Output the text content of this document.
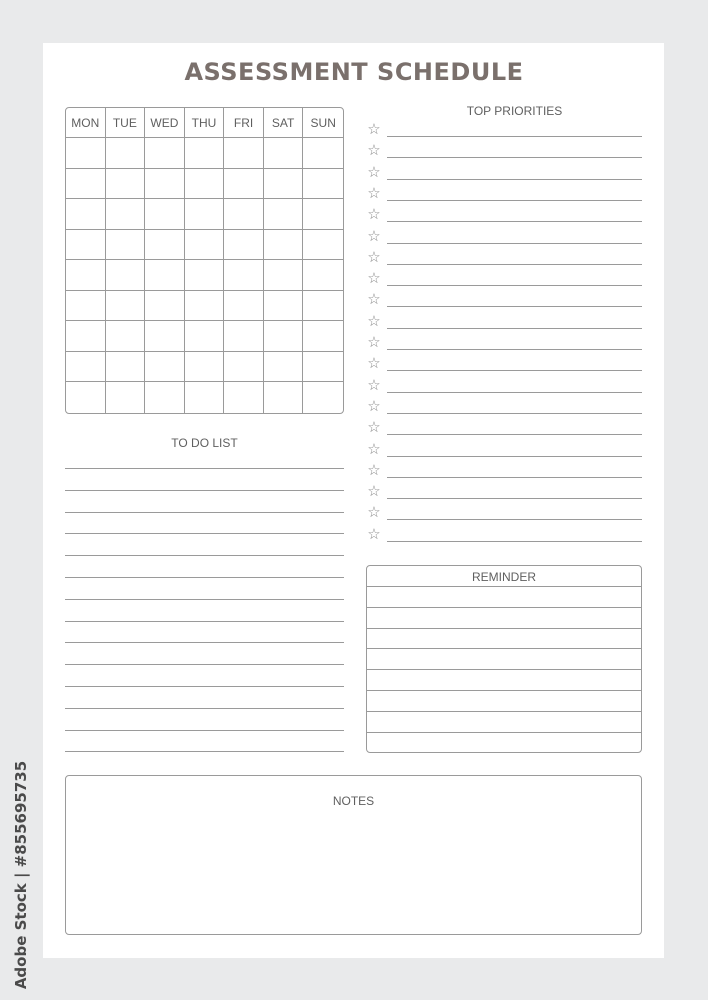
ASSESSMENT SCHEDULE
MON	TUE	WED	THU	FRI	SAT	SUN
TO DO LIST
TOP PRIORITIES
☆
☆
☆
☆
☆
☆
☆
☆
☆
☆
☆
☆
☆
☆
☆
☆
☆
☆
☆
☆
REMINDER
NOTES
Adobe Stock | #855695735
